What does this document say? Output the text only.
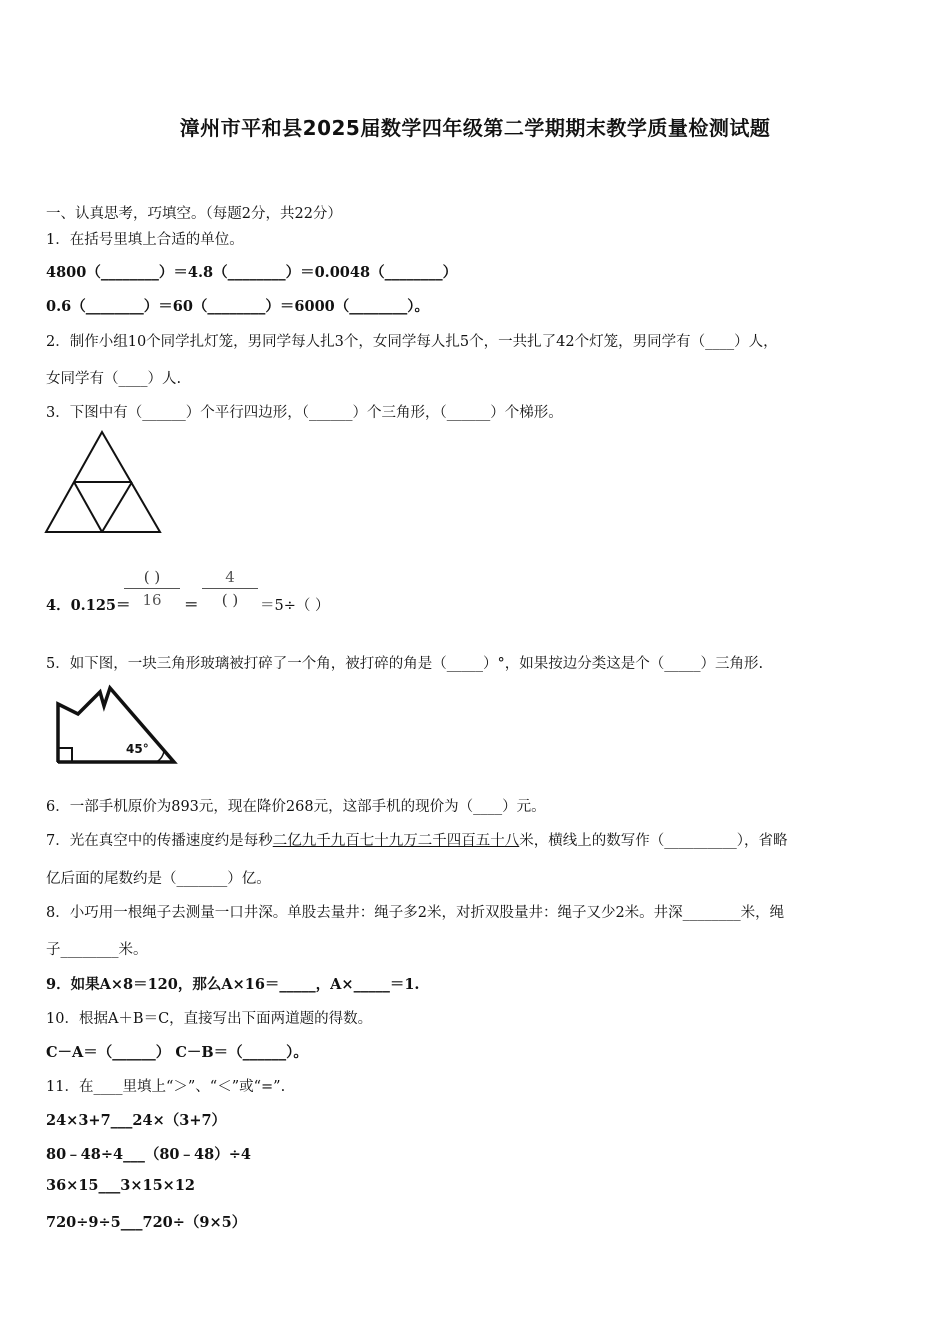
漳州市平和县2025届数学四年级第二学期期末教学质量检测试题
一、认真思考，巧填空。（每题2分，共22分）
1．在括号里填上合适的单位。
4800（________）＝4.8（________）＝0.0048（________）
0.6（________）＝60（________）＝6000（________）。
2．制作小组10个同学扎灯笼，男同学每人扎3个，女同学每人扎5个，一共扎了42个灯笼，男同学有（____）人，
女同学有（____）人.
3．下图中有（______）个平行四边形，（______）个三角形，（______）个梯形。
4．0.125＝
( )
16	＝
4
( )	＝5÷（ ）
5．如下图，一块三角形玻璃被打碎了一个角，被打碎的角是（_____）°，如果按边分类这是个（_____）三角形.
45°
6．一部手机原价为893元，现在降价268元，这部手机的现价为（____）元。
7．光在真空中的传播速度约是每秒二亿九千九百七十九万二千四百五十八米，横线上的数写作（__________），省略
亿后面的尾数约是（_______）亿。
8．小巧用一根绳子去测量一口井深。单股去量井：绳子多2米，对折双股量井：绳子又少2米。井深________米，绳
子________米。
9．如果A×8＝120，那么A×16＝_____，A×_____＝1.
10．根据A＋B＝C，直接写出下面两道题的得数。
C－A＝（______） C－B＝（______）。
11．在____里填上“＞”、“＜”或“=”.
24×3+7___24×（3+7）
80﹣48÷4___（80﹣48）÷4
36×15___3×15×12
720÷9÷5___720÷（9×5）
